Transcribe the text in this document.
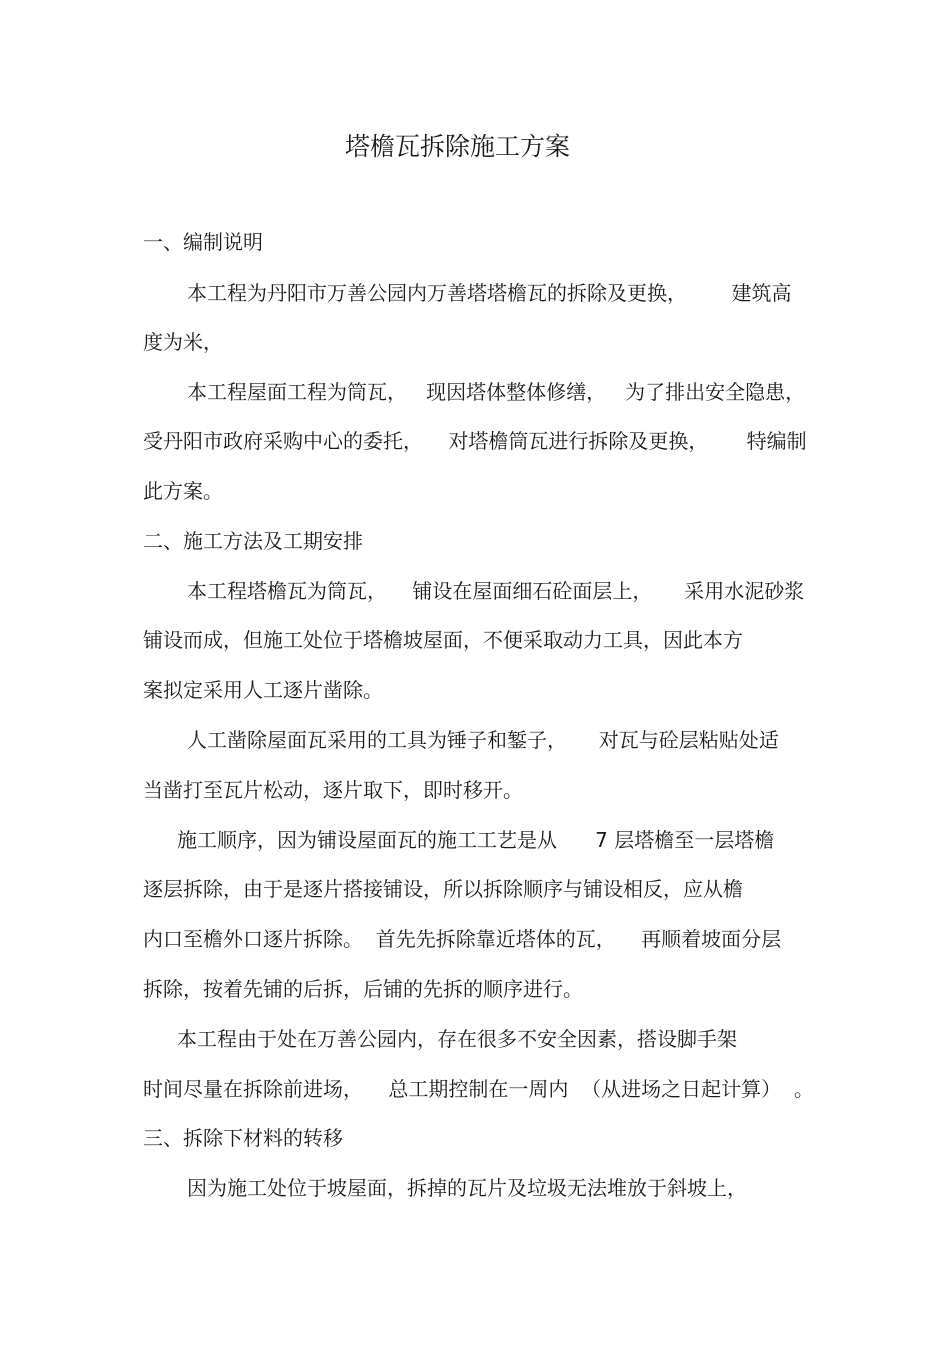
塔檐瓦拆除施工方案

一、编制说明

本工程为丹阳市万善公园内万善塔塔檐瓦的拆除及更换，       建筑高

度为米，

本工程屋面工程为筒瓦，   现因塔体整体修缮，   为了排出安全隐患，

受丹阳市政府采购中心的委托，    对塔檐筒瓦进行拆除及更换，      特编制

此方案。

二、施工方法及工期安排

本工程塔檐瓦为筒瓦，    铺设在屋面细石砼面层上，     采用水泥砂浆

铺设而成，但施工处位于塔檐坡屋面，不便采取动力工具，因此本方

案拟定采用人工逐片凿除。

人工凿除屋面瓦采用的工具为锤子和錾子，     对瓦与砼层粘贴处适

当凿打至瓦片松动，逐片取下，即时移开。

施工顺序，因为铺设屋面瓦的施工工艺是从      7 层塔檐至一层塔檐

逐层拆除，由于是逐片搭接铺设，所以拆除顺序与铺设相反，应从檐

内口至檐外口逐片拆除。  首先先拆除靠近塔体的瓦，    再顺着坡面分层

拆除，按着先铺的后拆，后铺的先拆的顺序进行。

本工程由于处在万善公园内，存在很多不安全因素，搭设脚手架

时间尽量在拆除前进场，    总工期控制在一周内  （从进场之日起计算）  。

三、拆除下材料的转移

因为施工处位于坡屋面，拆掉的瓦片及垃圾无法堆放于斜坡上，
